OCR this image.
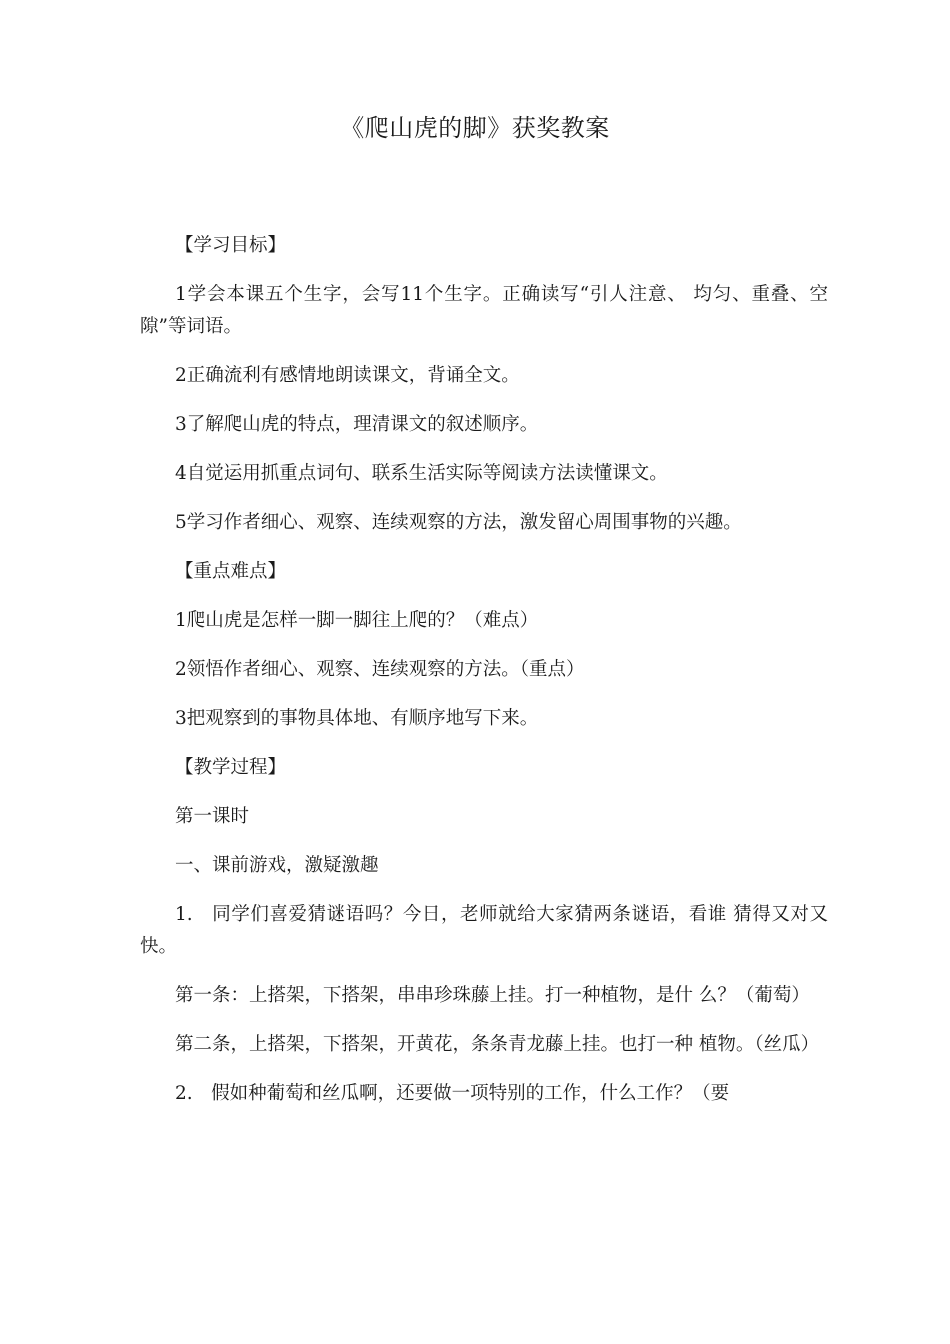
《爬山虎的脚》获奖教案

【学习目标】

1学会本课五个生字，会写11个生字。正确读写“引人注意、 均匀、重叠、空隙”等词语。

2正确流利有感情地朗读课文，背诵全文。

3了解爬山虎的特点，理清课文的叙述顺序。

4自觉运用抓重点词句、联系生活实际等阅读方法读懂课文。

5学习作者细心、观察、连续观察的方法，激发留心周围事物的兴趣。

【重点难点】

1爬山虎是怎样一脚一脚往上爬的？（难点）

2领悟作者细心、观察、连续观察的方法。（重点）

3把观察到的事物具体地、有顺序地写下来。

【教学过程】

第一课时

一、课前游戏，激疑激趣

1.　同学们喜爱猜谜语吗？今日，老师就给大家猜两条谜语，看谁 猜得又对又快。

第一条：上搭架，下搭架，串串珍珠藤上挂。打一种植物，是什 么？（葡萄）

第二条，上搭架，下搭架，开黄花，条条青龙藤上挂。也打一种 植物。（丝瓜）

2.　假如种葡萄和丝瓜啊，还要做一项特别的工作，什么工作？（要
